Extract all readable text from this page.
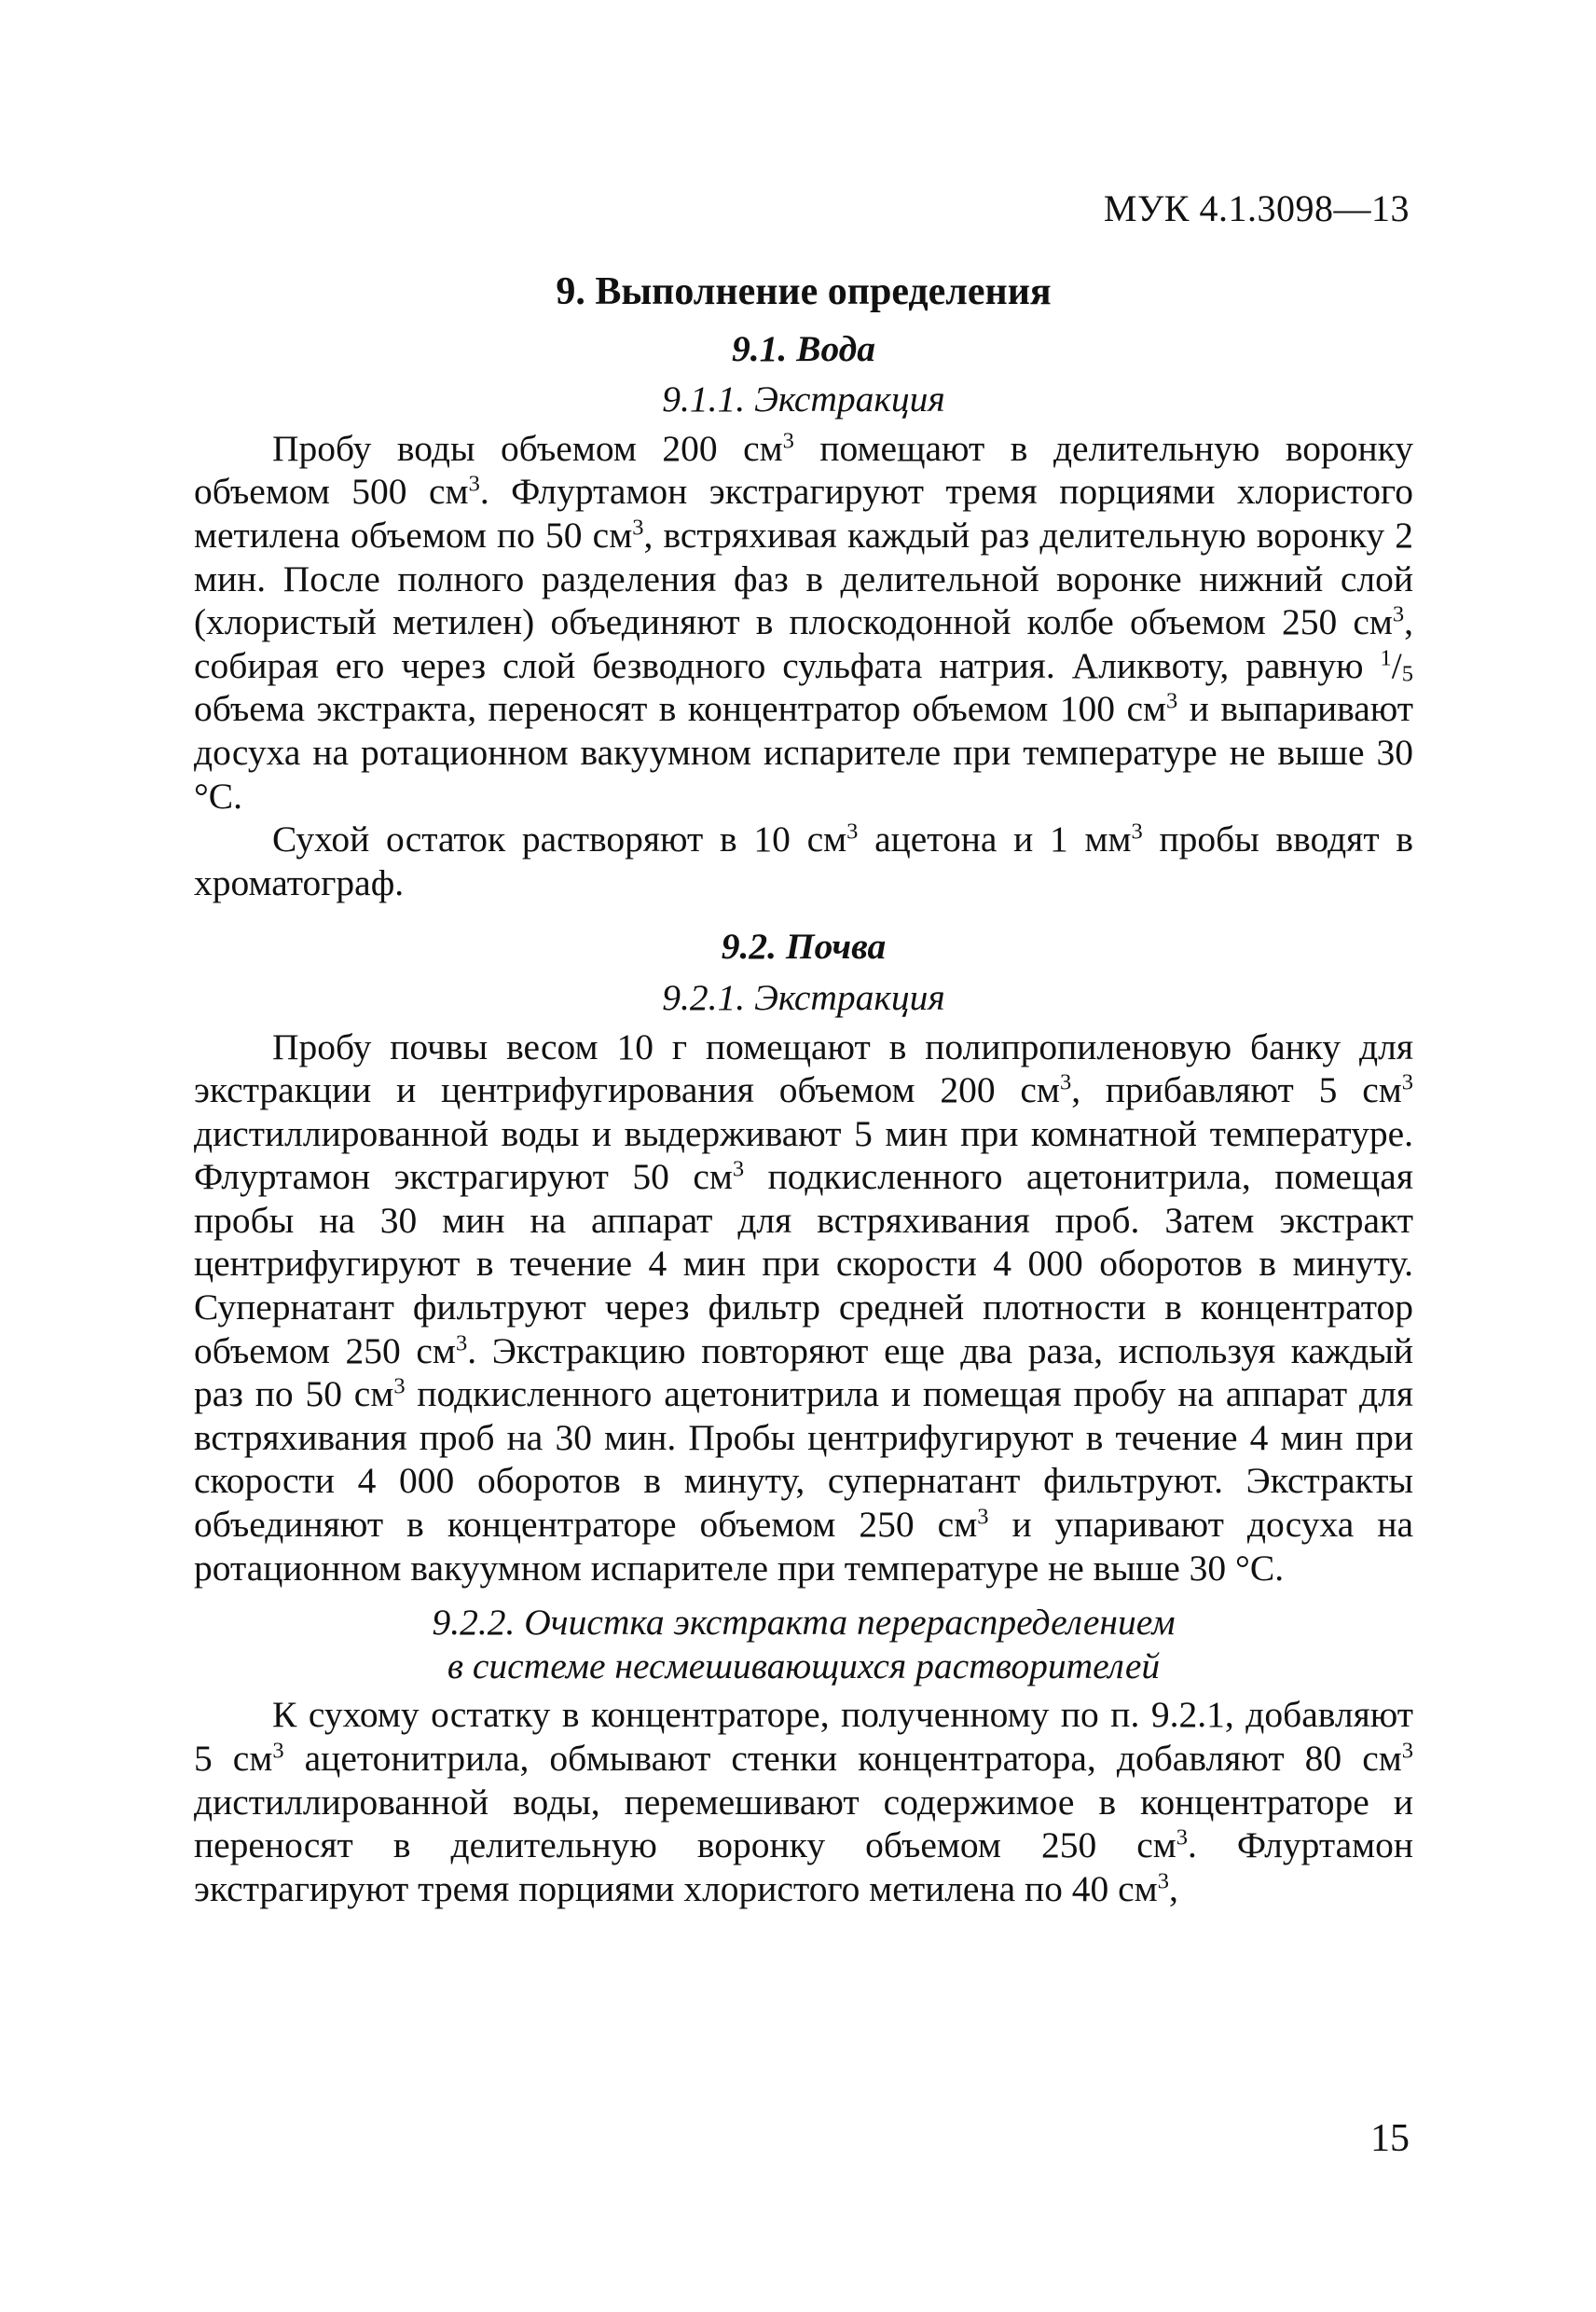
МУК 4.1.3098—13
9. Выполнение определения
9.1. Вода
9.1.1. Экстракция

Пробу воды объемом 200 $см^3$ помещают в делительную воронку объемом 500 $см^3$. Флуртамон экстрагируют тремя порциями хлористого метилена объемом по 50 $см^3$, встряхивая каждый раз делительную воронку 2 мин. После полного разделения фаз в делительной воронке нижний слой (хлористый метилен) объединяют в плоскодонной колбе объемом 250 $см^3$, собирая его через слой безводного сульфата натрия. Аликвоту, равную $^1/_5$ объема экстракта, переносят в концентратор объемом 100 $см^3$ и выпаривают досуха на ротационном вакуумном испарителе при температуре не выше 30 °С.

Сухой остаток растворяют в 10 $см^3$ ацетона и 1 $мм^3$ пробы вводят в хроматограф.

9.2. Почва
9.2.1. Экстракция

Пробу почвы весом 10 г помещают в полипропиленовую банку для экстракции и центрифугирования объемом 200 $см^3$, прибавляют 5 $см^3$ дистиллированной воды и выдерживают 5 мин при комнатной температуре. Флуртамон экстрагируют 50 $см^3$ подкисленного ацетонитрила, помещая пробы на 30 мин на аппарат для встряхивания проб. Затем экстракт центрифугируют в течение 4 мин при скорости 4 000 оборотов в минуту. Супернатант фильтруют через фильтр средней плотности в концентратор объемом 250 $см^3$. Экстракцию повторяют еще два раза, используя каждый раз по 50 $см^3$ подкисленного ацетонитрила и помещая пробу на аппарат для встряхивания проб на 30 мин. Пробы центрифугируют в течение 4 мин при скорости 4 000 оборотов в минуту, супернатант фильтруют. Экстракты объединяют в концентраторе объемом 250 $см^3$ и упаривают досуха на ротационном вакуумном испарителе при температуре не выше 30 °С.

9.2.2. Очистка экстракта перераспределением
в системе несмешивающихся растворителей

К сухому остатку в концентраторе, полученному по п. 9.2.1, добавляют 5 $см^3$ ацетонитрила, обмывают стенки концентратора, добавляют 80 $см^3$ дистиллированной воды, перемешивают содержимое в концентраторе и переносят в делительную воронку объемом 250 $см^3$. Флуртамон экстрагируют тремя порциями хлористого метилена по 40 $см^3$,

15
